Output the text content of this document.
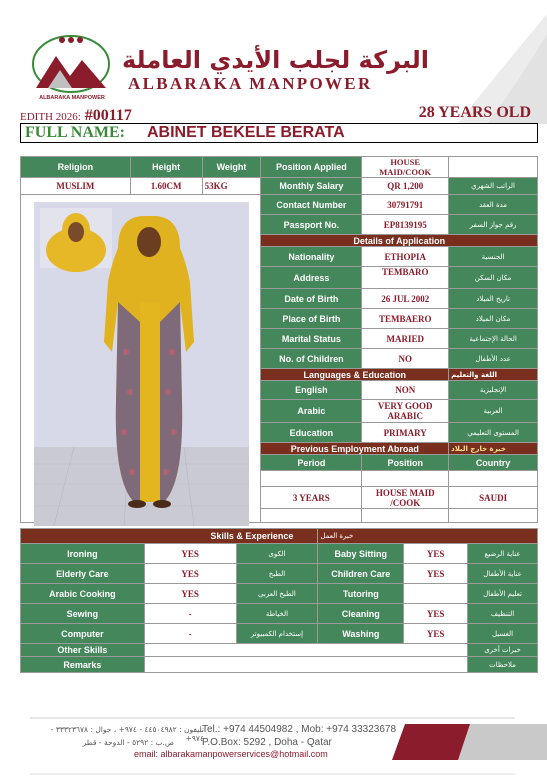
ALBARAKA MANPOWER
البركة لجلب الأيدي العاملة
ALBARAKA MANPOWER
EDITH 2026: #00117	28 YEARS OLD
FULL NAME:	ABINET BEKELE BERATA
Religion	Height	Weight	Position Applied	HOUSE MAID/COOK	
MUSLIM	1.60CM	53KG	Monthly Salary	QR 1,200	الراتب الشهري
			Contact Number	30791791	مدة العقد
			Passport No.	EP8139195	رقم جواز السفر
			Details of Application		
			Nationality	ETHOPIA	الجنسية
			Address	TEMBARO	مكان السكن
			Date of Birth	26 JUL 2002	تاريخ الميلاد
			Place of Birth	TEMBAERO	مكان الميلاد
			Marital Status	MARIED	الحالة الإجتماعية
			No. of Children	NO	عدد الأطفال
			Languages & Education		اللغة والتعليم
			English	NON	الإنجليزية
			Arabic	VERY GOOD ARABIC	العربية
			Education	PRIMARY	المستوى التعليمي
			Previous Employment Abroad		خبرة خارج البلاد
			Period	Position	Country

			3 YEARS	HOUSE MAID /COOK	SAUDI

Skills & Experience			خبرة العمل		
Ironing	YES	الكوى	Baby Sitting	YES	عناية الرضيع
Elderly Care	YES	الطبخ	Children Care	YES	عناية الأطفال
Arabic Cooking	YES	الطبخ العربى	Tutoring		تعليم الأطفال
Sewing	-	الخياطة	Cleaning	YES	التنظيف
Computer	-	إستخدام الكمبيوتر	Washing	YES	الغسيل
Other Skills					خبرات أخرى
Remarks					ملاحظات
تليفون : ٤٤٥٠٤٩٨٢ - ٩٧٤+ ، جوال : ٣٣٣٢٣٦٧٨ - ٩٧٤+
ص.ب : ٥٢٩٢ - الدوحة - قطر
Tel.: +974 44504982 , Mob: +974 33323678
P.O.Box: 5292 , Doha - Qatar
email: albarakamanpowerservices@hotmail.com
